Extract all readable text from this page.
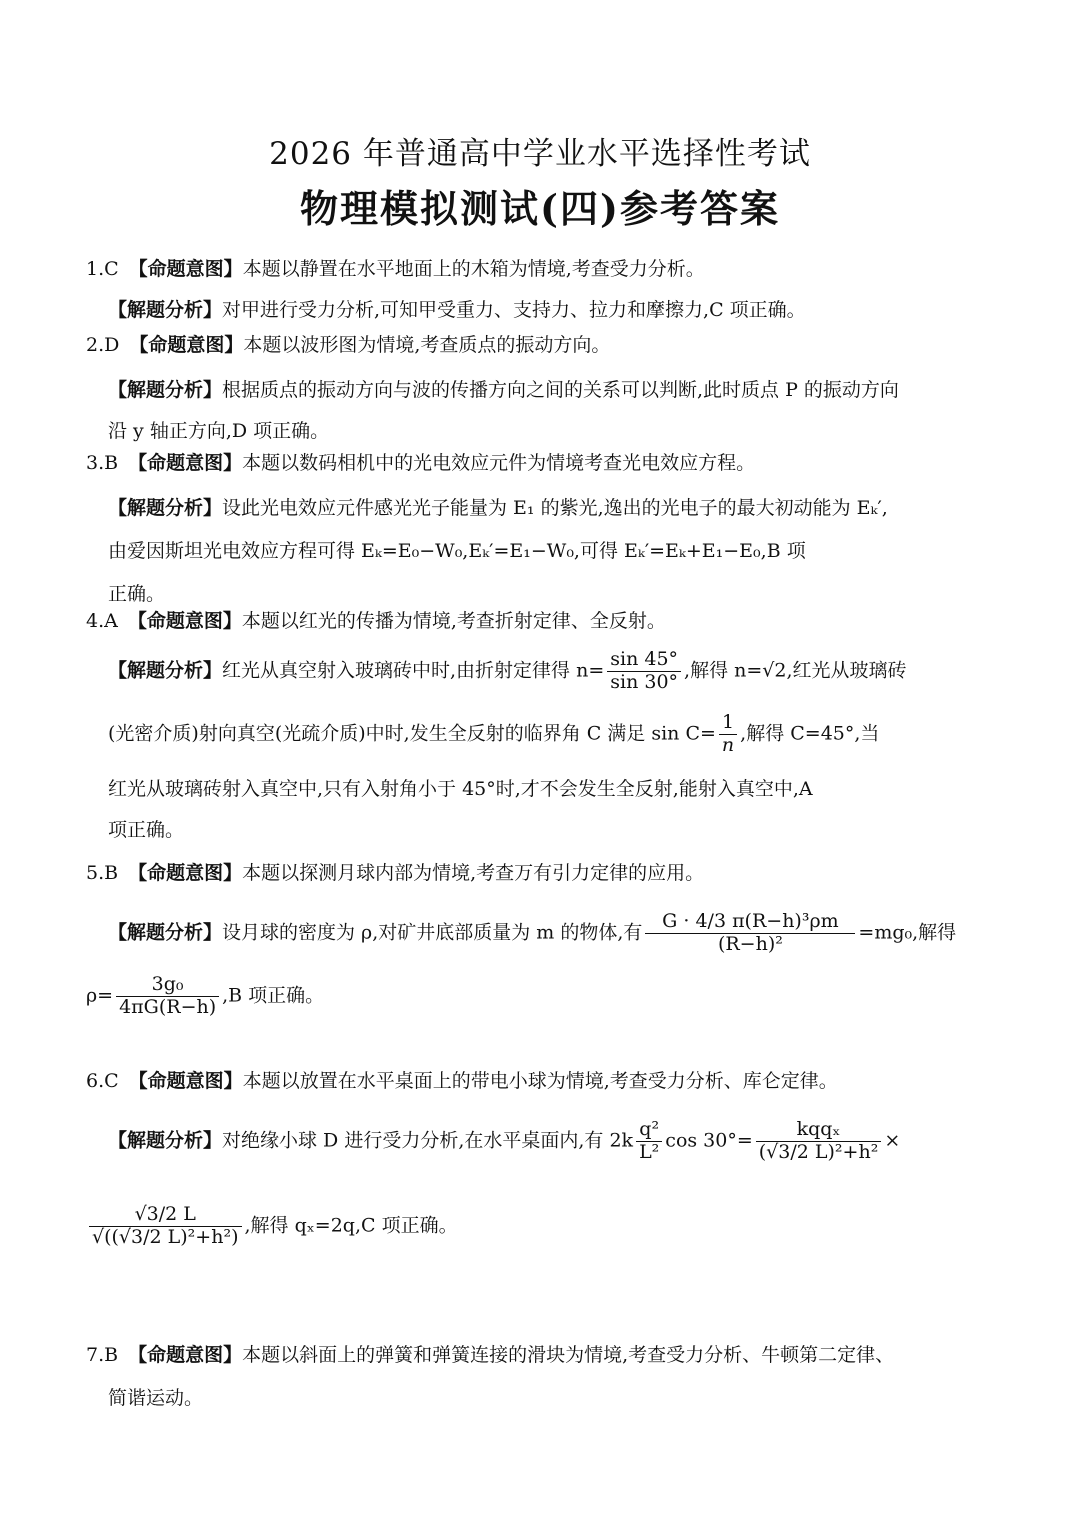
2026 年普通高中学业水平选择性考试
物理模拟测试(四)参考答案
1.C 【命题意图】本题以静置在水平地面上的木箱为情境,考查受力分析。
【解题分析】对甲进行受力分析,可知甲受重力、支持力、拉力和摩擦力,C 项正确。
2.D 【命题意图】本题以波形图为情境,考查质点的振动方向。
【解题分析】根据质点的振动方向与波的传播方向之间的关系可以判断,此时质点 P 的振动方向
沿 y 轴正方向,D 项正确。
3.B 【命题意图】本题以数码相机中的光电效应元件为情境考查光电效应方程。
【解题分析】设此光电效应元件感光光子能量为 E₁ 的紫光,逸出的光电子的最大初动能为 Eₖ′,
由爱因斯坦光电效应方程可得 Eₖ=E₀−W₀,Eₖ′=E₁−W₀,可得 Eₖ′=Eₖ+E₁−E₀,B 项
正确。
4.A 【命题意图】本题以红光的传播为情境,考查折射定律、全反射。
【解题分析】红光从真空射入玻璃砖中时,由折射定律得 $n= \frac{\sin 45^\circ}{\sin 30^\circ}$ ,解得 n=√2,红光从玻璃砖
(光密介质)射向真空(光疏介质)中时,发生全反射的临界角 C 满足 $\sin C= \frac{1}{n}$ ,解得 C=45°,当
红光从玻璃砖射入真空中,只有入射角小于 45°时,才不会发生全反射,能射入真空中,A
项正确。
5.B 【命题意图】本题以探测月球内部为情境,考查万有引力定律的应用。
【解题分析】设月球的密度为 ρ,对矿井底部质量为 m 的物体,有 $\frac{\text{G · 4/3 π(R−h)³ρm}}{\text{(R−h)²}} =mg_0$,解得
$\rho= \frac{\text{3g₀}}{4\pi G(R-h)} ,B$ 项正确。
6.C 【命题意图】本题以放置在水平桌面上的带电小球为情境,考查受力分析、库仑定律。
【解题分析】对绝缘小球 D 进行受力分析,在水平桌面内,有 $2k \frac{\text{q²}}{\text{L²}}$ $\cos 30^\circ= \frac{\text{kqqₓ}}{\text{(√3/2 L)²+h²}}$ ×
$\frac{√3/2 L}{\text{√((√3/2 L)²+h²)}}$ ,解得 qₓ=2q,C 项正确。
7.B 【命题意图】本题以斜面上的弹簧和弹簧连接的滑块为情境,考查受力分析、牛顿第二定律、
简谐运动。
